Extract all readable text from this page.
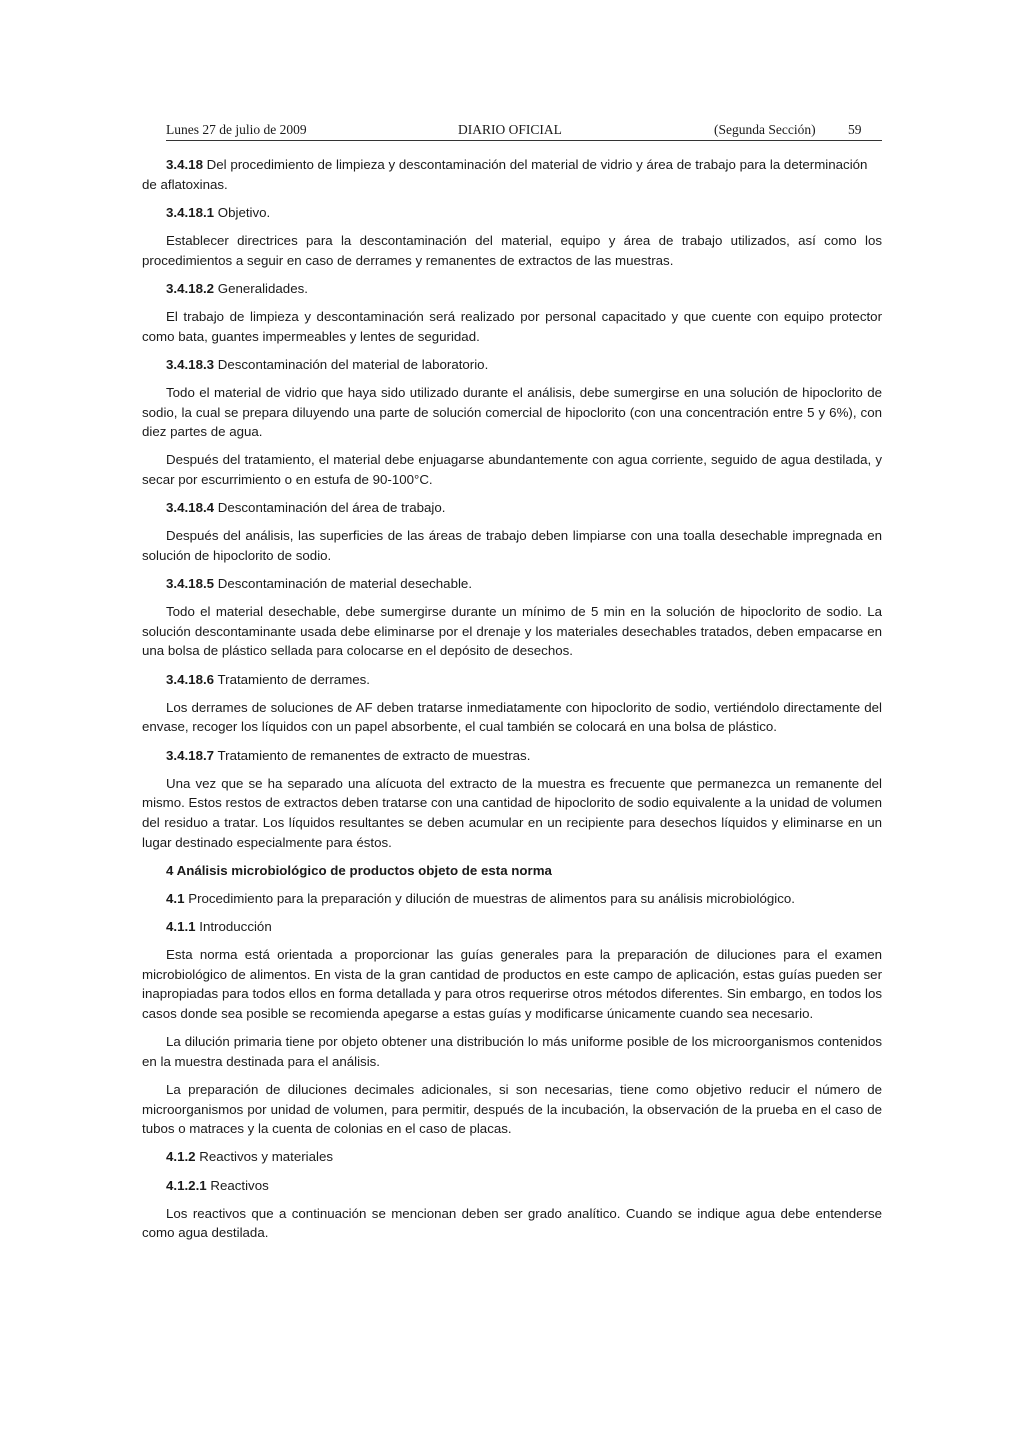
Lunes 27 de julio de 2009	DIARIO OFICIAL	(Segunda Sección) 59

3.4.18 Del procedimiento de limpieza y descontaminación del material de vidrio y área de trabajo para la determinación de aflatoxinas.

3.4.18.1 Objetivo.

Establecer directrices para la descontaminación del material, equipo y área de trabajo utilizados, así como los procedimientos a seguir en caso de derrames y remanentes de extractos de las muestras.

3.4.18.2 Generalidades.

El trabajo de limpieza y descontaminación será realizado por personal capacitado y que cuente con equipo protector como bata, guantes impermeables y lentes de seguridad.

3.4.18.3 Descontaminación del material de laboratorio.

Todo el material de vidrio que haya sido utilizado durante el análisis, debe sumergirse en una solución de hipoclorito de sodio, la cual se prepara diluyendo una parte de solución comercial de hipoclorito (con una concentración entre 5 y 6%), con diez partes de agua.

Después del tratamiento, el material debe enjuagarse abundantemente con agua corriente, seguido de agua destilada, y secar por escurrimiento o en estufa de 90-100°C.

3.4.18.4 Descontaminación del área de trabajo.

Después del análisis, las superficies de las áreas de trabajo deben limpiarse con una toalla desechable impregnada en solución de hipoclorito de sodio.

3.4.18.5 Descontaminación de material desechable.

Todo el material desechable, debe sumergirse durante un mínimo de 5 min en la solución de hipoclorito de sodio. La solución descontaminante usada debe eliminarse por el drenaje y los materiales desechables tratados, deben empacarse en una bolsa de plástico sellada para colocarse en el depósito de desechos.

3.4.18.6 Tratamiento de derrames.

Los derrames de soluciones de AF deben tratarse inmediatamente con hipoclorito de sodio, vertiéndolo directamente del envase, recoger los líquidos con un papel absorbente, el cual también se colocará en una bolsa de plástico.

3.4.18.7 Tratamiento de remanentes de extracto de muestras.

Una vez que se ha separado una alícuota del extracto de la muestra es frecuente que permanezca un remanente del mismo. Estos restos de extractos deben tratarse con una cantidad de hipoclorito de sodio equivalente a la unidad de volumen del residuo a tratar. Los líquidos resultantes se deben acumular en un recipiente para desechos líquidos y eliminarse en un lugar destinado especialmente para éstos.

4 Análisis microbiológico de productos objeto de esta norma

4.1 Procedimiento para la preparación y dilución de muestras de alimentos para su análisis microbiológico.

4.1.1 Introducción

Esta norma está orientada a proporcionar las guías generales para la preparación de diluciones para el examen microbiológico de alimentos. En vista de la gran cantidad de productos en este campo de aplicación, estas guías pueden ser inapropiadas para todos ellos en forma detallada y para otros requerirse otros métodos diferentes. Sin embargo, en todos los casos donde sea posible se recomienda apegarse a estas guías y modificarse únicamente cuando sea necesario.

La dilución primaria tiene por objeto obtener una distribución lo más uniforme posible de los microorganismos contenidos en la muestra destinada para el análisis.

La preparación de diluciones decimales adicionales, si son necesarias, tiene como objetivo reducir el número de microorganismos por unidad de volumen, para permitir, después de la incubación, la observación de la prueba en el caso de tubos o matraces y la cuenta de colonias en el caso de placas.

4.1.2 Reactivos y materiales

4.1.2.1 Reactivos

Los reactivos que a continuación se mencionan deben ser grado analítico. Cuando se indique agua debe entenderse como agua destilada.
